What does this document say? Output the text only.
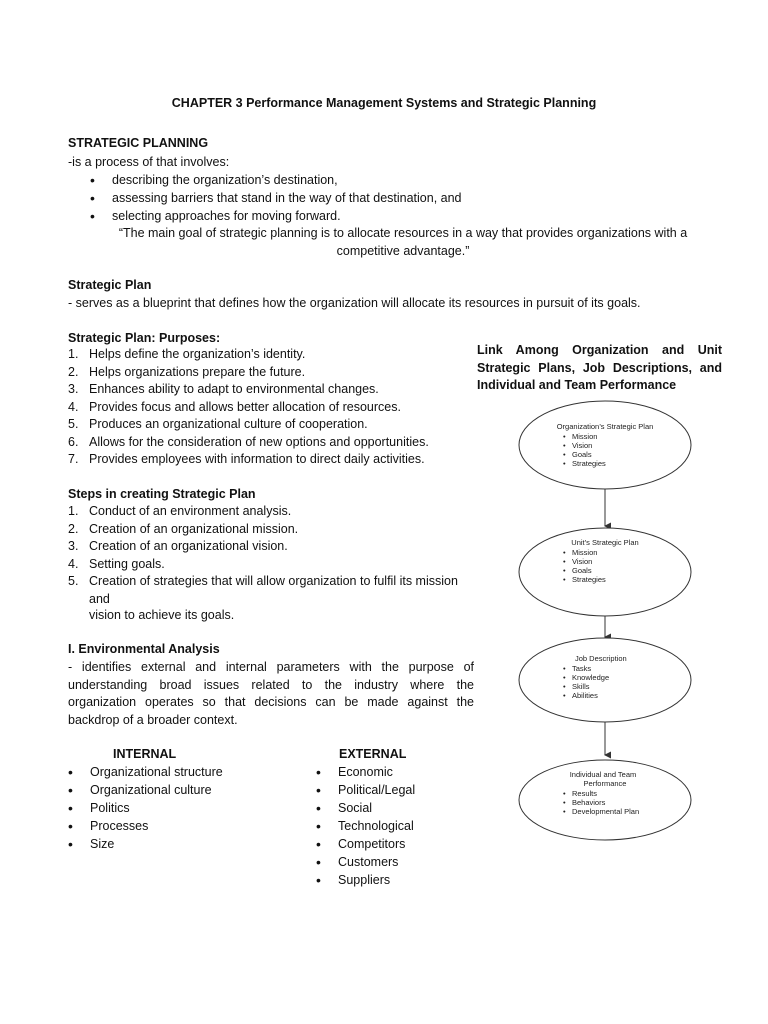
CHAPTER 3 Performance Management Systems and Strategic Planning
STRATEGIC PLANNING
-is a process of that involves:
• describing the organization’s destination,
• assessing barriers that stand in the way of that destination, and
• selecting approaches for moving forward.
“The main goal of strategic planning is to allocate resources in a way that provides organizations with a
competitive advantage.”
Strategic Plan
- serves as a blueprint that defines how the organization will allocate its resources in pursuit of its goals.
Strategic Plan: Purposes:
1. Helps define the organization’s identity.
2. Helps organizations prepare the future.
3. Enhances ability to adapt to environmental changes.
4. Provides focus and allows better allocation of resources.
5. Produces an organizational culture of cooperation.
6. Allows for the consideration of new options and opportunities.
7. Provides employees with information to direct daily activities.
Steps in creating Strategic Plan
1. Conduct of an environment analysis.
2. Creation of an organizational mission.
3. Creation of an organizational vision.
4. Setting goals.
5. Creation of strategies that will allow organization to fulfil its mission
and
vision to achieve its goals.
I. Environmental Analysis
- identifies external and internal parameters with the purpose of
understanding broad issues related to the industry where the
organization operates so that decisions can be made against the
backdrop of a broader context.
INTERNAL
• Organizational structure
• Organizational culture
• Politics
• Processes
• Size
EXTERNAL
• Economic
• Political/Legal
• Social
• Technological
• Competitors
• Customers
• Suppliers
Link Among Organization and Unit
Strategic Plans, Job Descriptions, and
Individual and Team Performance
Organization’s Strategic Plan
• Mission
• Vision
• Goals
• Strategies
Unit’s Strategic Plan
• Mission
• Vision
• Goals
• Strategies
Job Description
• Tasks
• Knowledge
• Skills
• Abilities
Individual and Team
Performance
• Results
• Behaviors
• Developmental Plan
